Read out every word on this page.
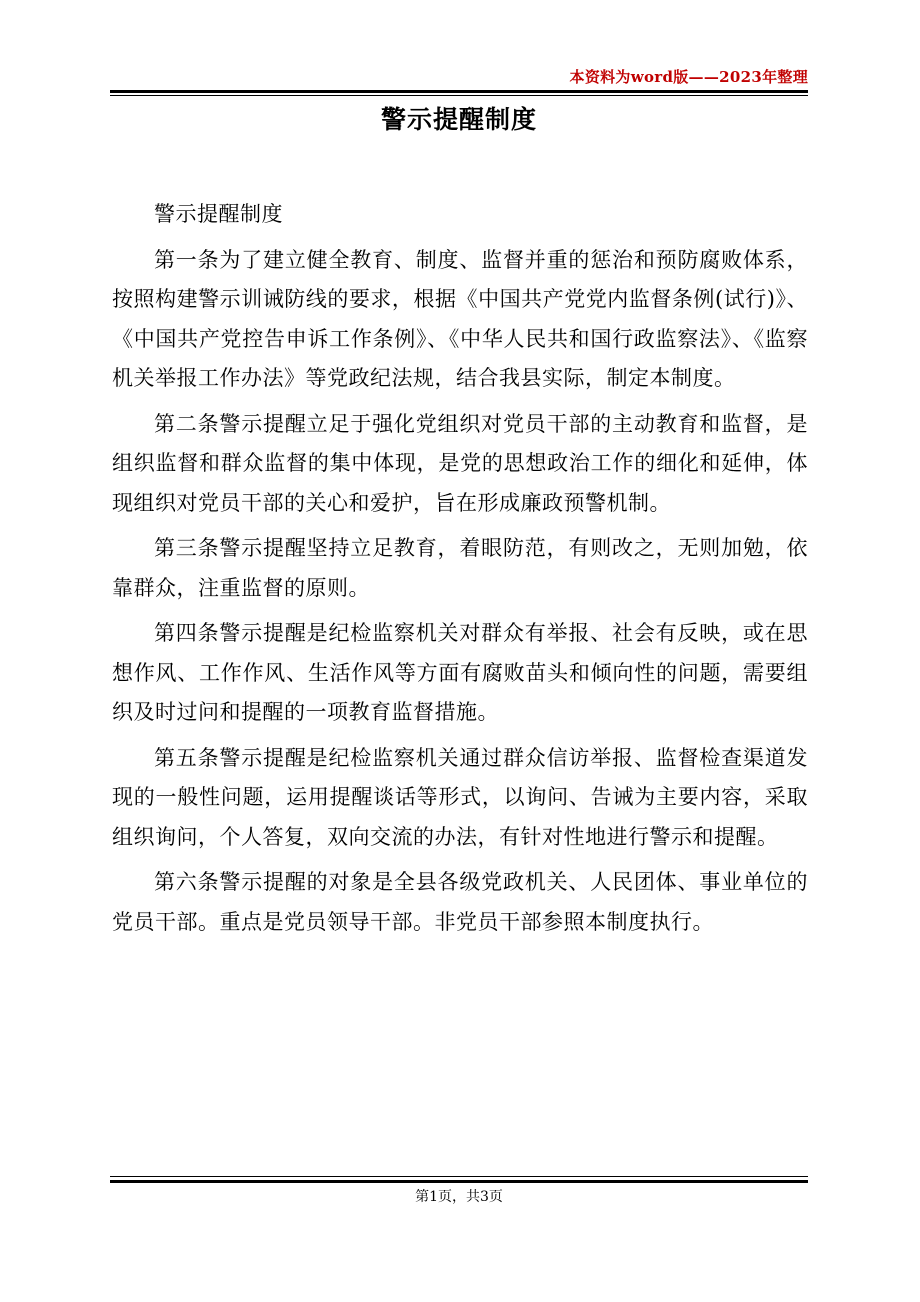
本资料为word版——2023年整理
警示提醒制度

警示提醒制度

第一条为了建立健全教育、制度、监督并重的惩治和预防腐败体系，按照构建警示训诫防线的要求，根据《中国共产党党内监督条例(试行)》、《中国共产党控告申诉工作条例》、《中华人民共和国行政监察法》、《监察机关举报工作办法》等党政纪法规，结合我县实际，制定本制度。

第二条警示提醒立足于强化党组织对党员干部的主动教育和监督，是组织监督和群众监督的集中体现，是党的思想政治工作的细化和延伸，体现组织对党员干部的关心和爱护，旨在形成廉政预警机制。

第三条警示提醒坚持立足教育，着眼防范，有则改之，无则加勉，依靠群众，注重监督的原则。

第四条警示提醒是纪检监察机关对群众有举报、社会有反映，或在思想作风、工作作风、生活作风等方面有腐败苗头和倾向性的问题，需要组织及时过问和提醒的一项教育监督措施。

第五条警示提醒是纪检监察机关通过群众信访举报、监督检查渠道发现的一般性问题，运用提醒谈话等形式，以询问、告诫为主要内容，采取组织询问，个人答复，双向交流的办法，有针对性地进行警示和提醒。

第六条警示提醒的对象是全县各级党政机关、人民团体、事业单位的党员干部。重点是党员领导干部。非党员干部参照本制度执行。

第1页，共3页
